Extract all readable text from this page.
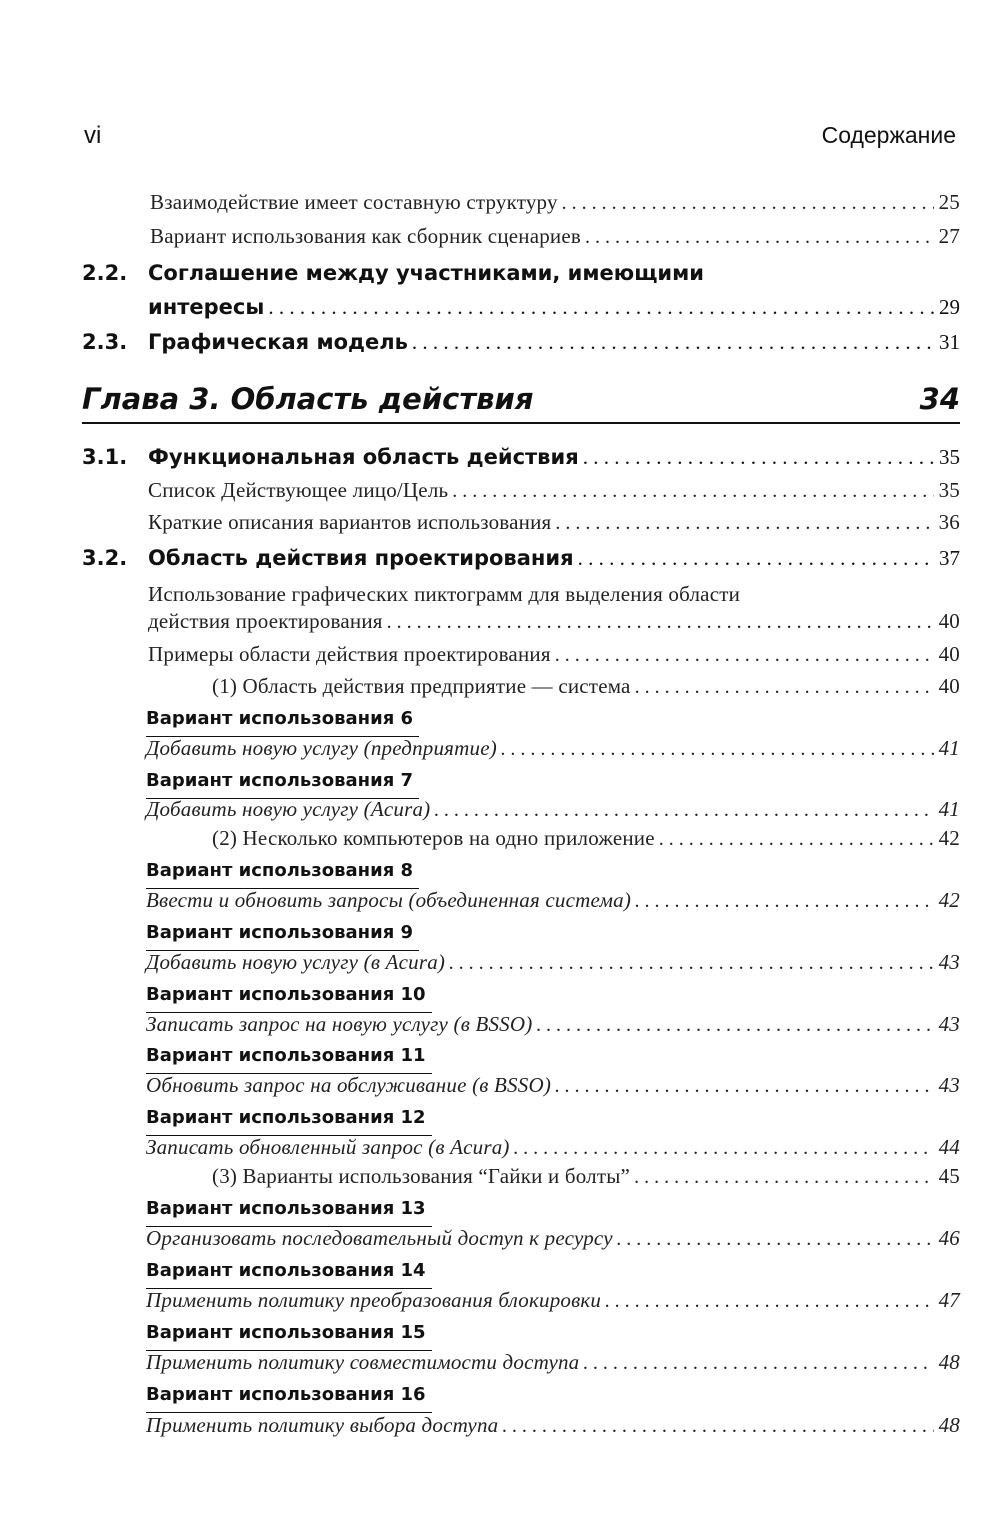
vi	Содержание
Взаимодействие имеет составную структуру . . .	25
Вариант использования как сборник сценариев . . .	27
2.2. Соглашение между участниками, имеющими
интересы . . .	29
2.3. Графическая модель . . .	31
Глава 3. Область действия	34
3.1. Функциональная область действия . . .	35
Список Действующее лицо/Цель . . .	35
Краткие описания вариантов использования . . .	36
3.2. Область действия проектирования . . .	37
Использование графических пиктограмм для выделения области
действия проектирования . . .	40
Примеры области действия проектирования . . .	40
(1) Область действия предприятие — система . . .	40
Вариант использования 6
Добавить новую услугу (предприятие) . . .	41
Вариант использования 7
Добавить новую услугу (Acura) . . .	41
(2) Несколько компьютеров на одно приложение . . .	42
Вариант использования 8
Ввести и обновить запросы (объединенная система) . . .	42
Вариант использования 9
Добавить новую услугу (в Acura) . . .	43
Вариант использования 10
Записать запрос на новую услугу (в BSSO) . . .	43
Вариант использования 11
Обновить запрос на обслуживание (в BSSO) . . .	43
Вариант использования 12
Записать обновленный запрос (в Acura) . . .	44
(3) Варианты использования “Гайки и болты” . . .	45
Вариант использования 13
Организовать последовательный доступ к ресурсу . . .	46
Вариант использования 14
Применить политику преобразования блокировки . . .	47
Вариант использования 15
Применить политику совместимости доступа . . .	48
Вариант использования 16
Применить политику выбора доступа . . .	48
